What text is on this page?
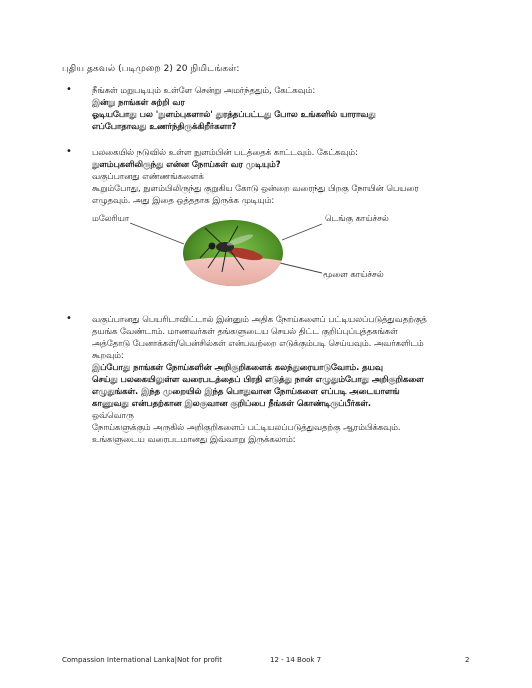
புதிய தகவல் (படிமுறை 2) 20 நிமிடங்கள்:
• நீங்கள் மறுபடியும் உள்ளே சென்று அமர்ந்ததும், கேட்கவும்:
இன்று நாங்கள் சுற்றி வர
ஓடியபோது பல 'நுளம்புகளால்' துரத்தப்பட்டது போல உங்களில் யாராவது
எப்போதாவது உணர்ந்திருக்கிறீர்களா?
• பலகையில் நடுவில் உள்ள நுளம்பின் படத்தைக் காட்டவும். கேட்கவும்:
நுளம்புகளிலிருந்து என்ன நோய்கள் வர முடியும்?
வகுப்பானது எண்ணங்களைக்
கூறும்போது, நுளம்பிலிருந்து குறுகிய கோடு ஒன்றை வரைந்து பிறகு நோயின் பெயரை
எழுதவும். அது இதை ஒத்ததாக இருக்க முடியும்:
மலேரியா	டெங்கு காய்ச்சல்
மூளை காய்ச்சல்
• வகுப்பானது பெயரிடாவிட்டால் இன்னும் அதிக நோய்களைப் பட்டியலப்படுத்துவதற்குத்
தயங்க வேண்டாம். மாணவர்கள் தங்களுடைய செயல் திட்ட குறிப்புப்புத்தகங்கள்
அத்தோடு பேனாக்கள்/பென்சில்கள் என்பவற்றை எடுக்கும்படி செய்யவும். அவர்களிடம்
கூறவும்:
இப்போது நாங்கள் நோய்களின் அறிகுறிகளைக் கலந்துரையாடுவோம். தயவு
செய்து பலகையிலுள்ள வரைபடத்தைப் பிரதி எடுத்து நான் எழுதும்போது அறிகுறிகளை
எழுதுங்கள். இந்த முறையில் இந்த பொதுவான நோய்களை எப்படி அடையாளங்
காணுவது என்பதற்கான இலகுவான குறிப்பை நீங்கள் கொண்டிருப்பீர்கள்.
ஒவ்வொரு
நோய்களுக்கும் அருகில் அறிகுறிகளைப் பட்டியலப்படுத்துவதற்கு ஆரம்பிக்கவும்.
உங்களுடைய வரைபடமானது இவ்வாறு இருக்கலாம்:
Compassion International Lanka|Not for profit	12 - 14 Book 7	2
